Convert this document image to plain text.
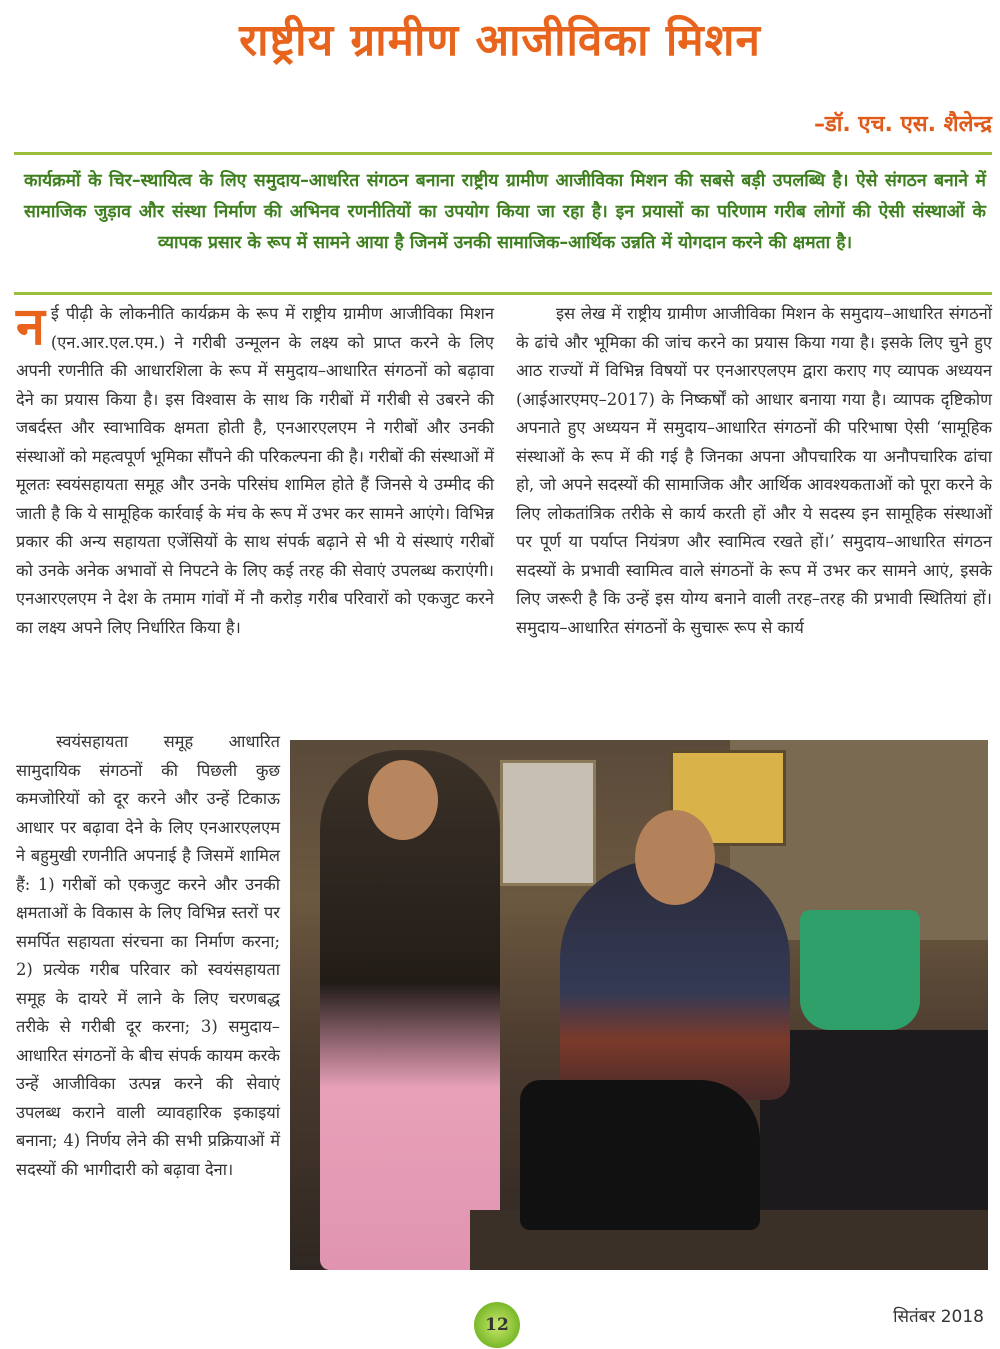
राष्ट्रीय ग्रामीण आजीविका मिशन
–डॉ. एच. एस. शैलेन्द्र
कार्यक्रमों के चिर–स्थायित्व के लिए समुदाय–आधरित संगठन बनाना राष्ट्रीय ग्रामीण आजीविका मिशन की सबसे बड़ी उपलब्धि है। ऐसे संगठन बनाने में सामाजिक जुड़ाव और संस्था निर्माण की अभिनव रणनीतियों का उपयोग किया जा रहा है। इन प्रयासों का परिणाम गरीब लोगों की ऐसी संस्थाओं के व्यापक प्रसार के रूप में सामने आया है जिनमें उनकी सामाजिक–आर्थिक उन्नति में योगदान करने की क्षमता है।
न ई पीढ़ी के लोकनीति कार्यक्रम के रूप में राष्ट्रीय ग्रामीण आजीविका मिशन (एन.आर.एल.एम.) ने गरीबी उन्मूलन के लक्ष्य को प्राप्त करने के लिए अपनी रणनीति की आधारशिला के रूप में समुदाय–आधारित संगठनों को बढ़ावा देने का प्रयास किया है। इस विश्वास के साथ कि गरीबों में गरीबी से उबरने की जबर्दस्त और स्वाभाविक क्षमता होती है, एनआरएलएम ने गरीबों और उनकी संस्थाओं को महत्वपूर्ण भूमिका सौंपने की परिकल्पना की है। गरीबों की संस्थाओं में मूलतः स्वयंसहायता समूह और उनके परिसंघ शामिल होते हैं जिनसे ये उम्मीद की जाती है कि ये सामूहिक कार्रवाई के मंच के रूप में उभर कर सामने आएंगे। विभिन्न प्रकार की अन्य सहायता एजेंसियों के साथ संपर्क बढ़ाने से भी ये संस्थाएं गरीबों को उनके अनेक अभावों से निपटने के लिए कई तरह की सेवाएं उपलब्ध कराएंगी। एनआरएलएम ने देश के तमाम गांवों में नौ करोड़ गरीब परिवारों को एकजुट करने का लक्ष्य अपने लिए निर्धारित किया है।

इस लेख में राष्ट्रीय ग्रामीण आजीविका मिशन के समुदाय–आधारित संगठनों के ढांचे और भूमिका की जांच करने का प्रयास किया गया है। इसके लिए चुने हुए आठ राज्यों में विभिन्न विषयों पर एनआरएलएम द्वारा कराए गए व्यापक अध्ययन (आईआरएमए–2017) के निष्कर्षों को आधार बनाया गया है। व्यापक दृष्टिकोण अपनाते हुए अध्ययन में समुदाय–आधारित संगठनों की परिभाषा ऐसी ‘सामूहिक संस्थाओं के रूप में की गई है जिनका अपना औपचारिक या अनौपचारिक ढांचा हो, जो अपने सदस्यों की सामाजिक और आर्थिक आवश्यकताओं को पूरा करने के लिए लोकतांत्रिक तरीके से कार्य करती हों और ये सदस्य इन सामूहिक संस्थाओं पर पूर्ण या पर्याप्त नियंत्रण और स्वामित्व रखते हों।’ समुदाय–आधारित संगठन सदस्यों के प्रभावी स्वामित्व वाले संगठनों के रूप में उभर कर सामने आएं, इसके लिए जरूरी है कि उन्हें इस योग्य बनाने वाली तरह–तरह की प्रभावी स्थितियां हों। समुदाय–आधारित संगठनों के सुचारू रूप से कार्य

स्वयंसहायता समूह आधारित सामुदायिक संगठनों की पिछली कुछ कमजोरियों को दूर करने और उन्हें टिकाऊ आधार पर बढ़ावा देने के लिए एनआरएलएम ने बहुमुखी रणनीति अपनाई है जिसमें शामिल हैं: 1) गरीबों को एकजुट करने और उनकी क्षमताओं के विकास के लिए विभिन्न स्तरों पर समर्पित सहायता संरचना का निर्माण करना; 2) प्रत्येक गरीब परिवार को स्वयंसहायता समूह के दायरे में लाने के लिए चरणबद्ध तरीके से गरीबी दूर करना; 3) समुदाय–आधारित संगठनों के बीच संपर्क कायम करके उन्हें आजीविका उत्पन्न करने की सेवाएं उपलब्ध कराने वाली व्यावहारिक इकाइयां बनाना; 4) निर्णय लेने की सभी प्रक्रियाओं में सदस्यों की भागीदारी को बढ़ावा देना।

12	सितंबर 2018
